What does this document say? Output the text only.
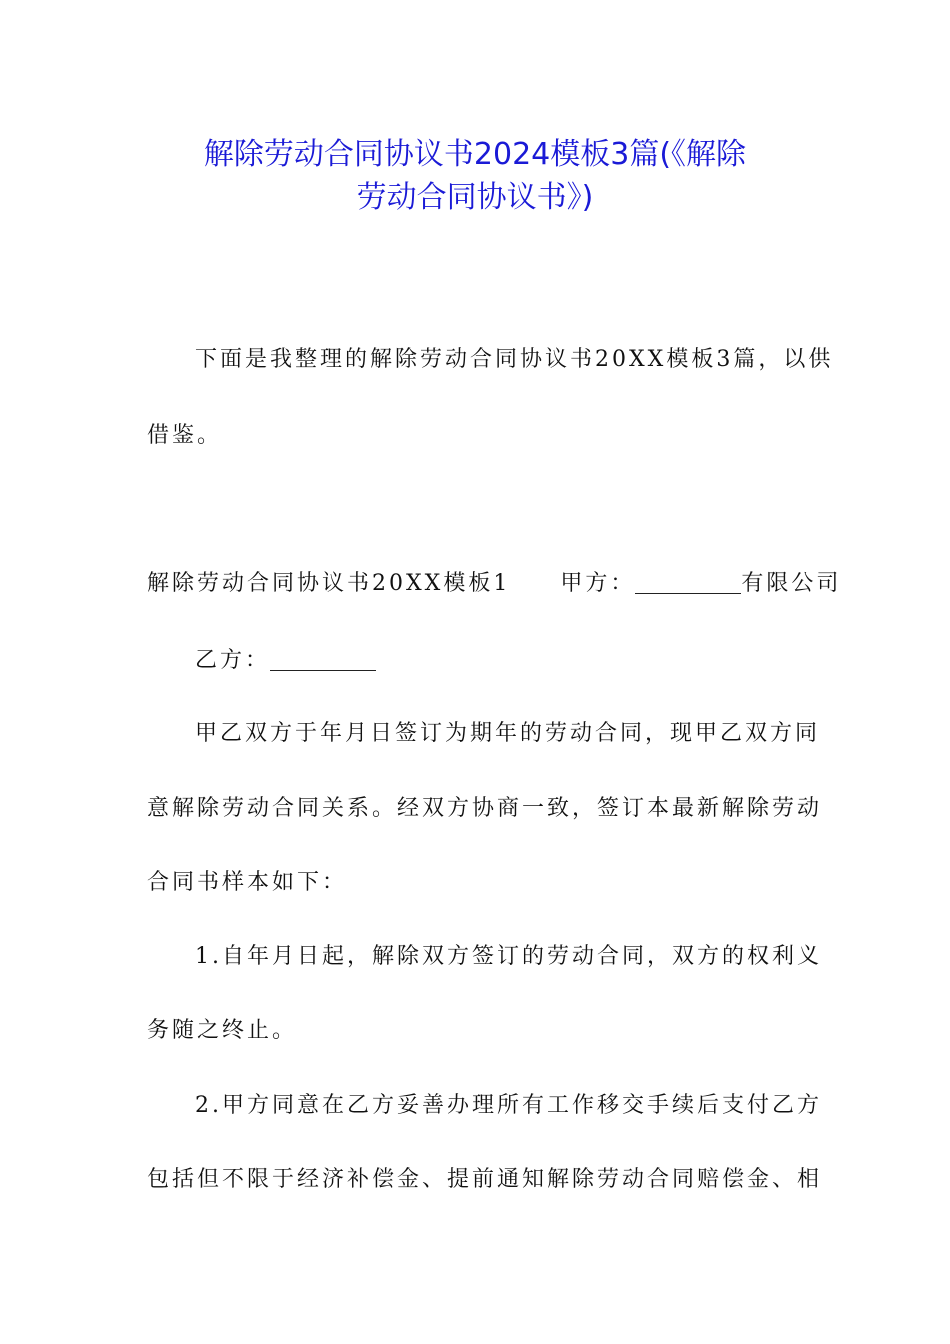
解除劳动合同协议书2024模板3篇(《解除
劳动合同协议书》)
下面是我整理的解除劳动合同协议书20XX模板3篇，以供
借鉴。
解除劳动合同协议书20XX模板1 甲方：	有限公司
乙方：
甲乙双方于年月日签订为期年的劳动合同，现甲乙双方同
意解除劳动合同关系。经双方协商一致，签订本最新解除劳动
合同书样本如下：
1.自年月日起，解除双方签订的劳动合同，双方的权利义
务随之终止。
2.甲方同意在乙方妥善办理所有工作移交手续后支付乙方
包括但不限于经济补偿金、提前通知解除劳动合同赔偿金、相
